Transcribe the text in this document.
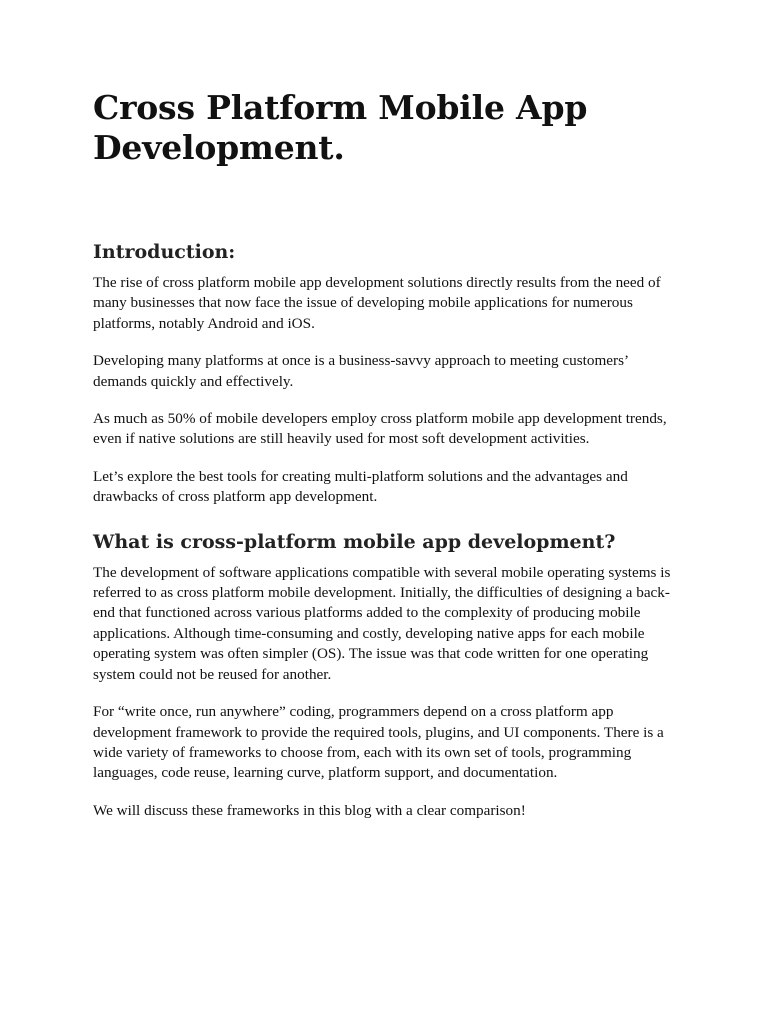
Cross Platform Mobile App Development.
Introduction:

The rise of cross platform mobile app development solutions directly results from the need of many businesses that now face the issue of developing mobile applications for numerous platforms, notably Android and iOS.

Developing many platforms at once is a business-savvy approach to meeting customers’ demands quickly and effectively.

As much as 50% of mobile developers employ cross platform mobile app development trends, even if native solutions are still heavily used for most soft development activities.

Let’s explore the best tools for creating multi-platform solutions and the advantages and drawbacks of cross platform app development.

What is cross-platform mobile app development?

The development of software applications compatible with several mobile operating systems is referred to as cross platform mobile development. Initially, the difficulties of designing a back-end that functioned across various platforms added to the complexity of producing mobile applications. Although time-consuming and costly, developing native apps for each mobile operating system was often simpler (OS). The issue was that code written for one operating system could not be reused for another.

For “write once, run anywhere” coding, programmers depend on a cross platform app development framework to provide the required tools, plugins, and UI components. There is a wide variety of frameworks to choose from, each with its own set of tools, programming languages, code reuse, learning curve, platform support, and documentation.

We will discuss these frameworks in this blog with a clear comparison!
